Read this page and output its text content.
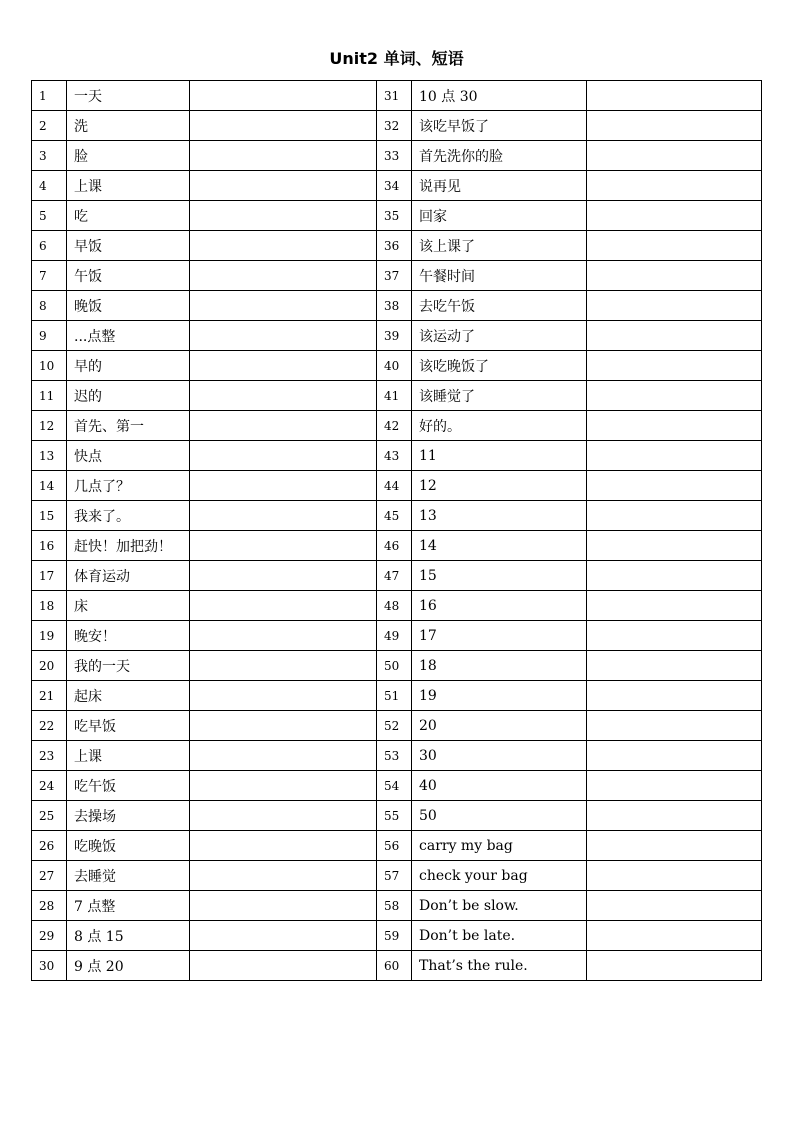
Unit2 单词、短语
1	一天		31	10 点 30	
2	洗		32	该吃早饭了	
3	脸		33	首先洗你的脸	
4	上课		34	说再见	
5	吃		35	回家	
6	早饭		36	该上课了	
7	午饭		37	午餐时间	
8	晚饭		38	去吃午饭	
9	...点整		39	该运动了	
10	早的		40	该吃晚饭了	
11	迟的		41	该睡觉了	
12	首先、第一		42	好的。	
13	快点		43	11	
14	几点了？		44	12	
15	我来了。		45	13	
16	赶快！加把劲！		46	14	
17	体育运动		47	15	
18	床		48	16	
19	晚安！		49	17	
20	我的一天		50	18	
21	起床		51	19	
22	吃早饭		52	20	
23	上课		53	30	
24	吃午饭		54	40	
25	去操场		55	50	
26	吃晚饭		56	carry my bag	
27	去睡觉		57	check your bag	
28	7 点整		58	Don’t be slow.	
29	8 点 15		59	Don’t be late.	
30	9 点 20		60	That’s the rule.	
